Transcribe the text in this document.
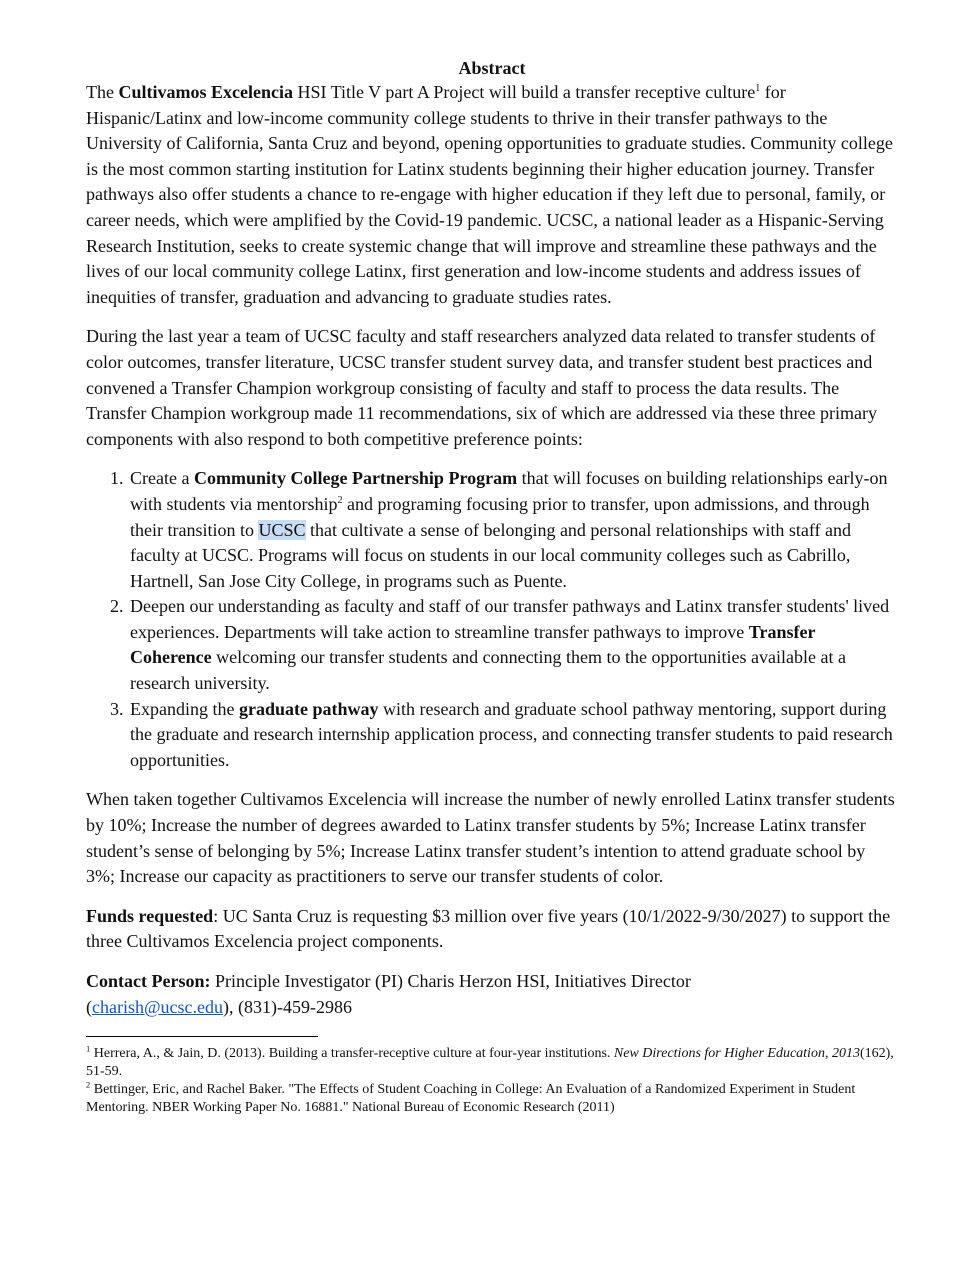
Abstract

The Cultivamos Excelencia HSI Title V part A Project will build a transfer receptive culture$^1$ for Hispanic/Latinx and low-income community college students to thrive in their transfer pathways to the University of California, Santa Cruz and beyond, opening opportunities to graduate studies. Community college is the most common starting institution for Latinx students beginning their higher education journey. Transfer pathways also offer students a chance to re-engage with higher education if they left due to personal, family, or career needs, which were amplified by the Covid-19 pandemic. UCSC, a national leader as a Hispanic-Serving Research Institution, seeks to create systemic change that will improve and streamline these pathways and the lives of our local community college Latinx, first generation and low-income students and address issues of inequities of transfer, graduation and advancing to graduate studies rates.

During the last year a team of UCSC faculty and staff researchers analyzed data related to transfer students of color outcomes, transfer literature, UCSC transfer student survey data, and transfer student best practices and convened a Transfer Champion workgroup consisting of faculty and staff to process the data results. The Transfer Champion workgroup made 11 recommendations, six of which are addressed via these three primary components with also respond to both competitive preference points:

1. Create a Community College Partnership Program that will focuses on building relationships early-on with students via mentorship$^2$ and programing focusing prior to transfer, upon admissions, and through their transition to UCSC that cultivate a sense of belonging and personal relationships with staff and faculty at UCSC. Programs will focus on students in our local community colleges such as Cabrillo, Hartnell, San Jose City College, in programs such as Puente.
2. Deepen our understanding as faculty and staff of our transfer pathways and Latinx transfer students' lived experiences. Departments will take action to streamline transfer pathways to improve Transfer Coherence welcoming our transfer students and connecting them to the opportunities available at a research university.
3. Expanding the graduate pathway with research and graduate school pathway mentoring, support during the graduate and research internship application process, and connecting transfer students to paid research opportunities.

When taken together Cultivamos Excelencia will increase the number of newly enrolled Latinx transfer students by 10%; Increase the number of degrees awarded to Latinx transfer students by 5%; Increase Latinx transfer student’s sense of belonging by 5%; Increase Latinx transfer student’s intention to attend graduate school by 3%; Increase our capacity as practitioners to serve our transfer students of color.

Funds requested: UC Santa Cruz is requesting $3 million over five years (10/1/2022-9/30/2027) to support the three Cultivamos Excelencia project components.

Contact Person: Principle Investigator (PI) Charis Herzon HSI, Initiatives Director
(charish@ucsc.edu), (831)-459-2986

$^1$ Herrera, A., & Jain, D. (2013). Building a transfer‐receptive culture at four‐year institutions. New Directions for Higher Education, 2013(162), 51-59.

$^2$ Bettinger, Eric, and Rachel Baker. "The Effects of Student Coaching in College: An Evaluation of a Randomized Experiment in Student Mentoring. NBER Working Paper No. 16881." National Bureau of Economic Research (2011)
